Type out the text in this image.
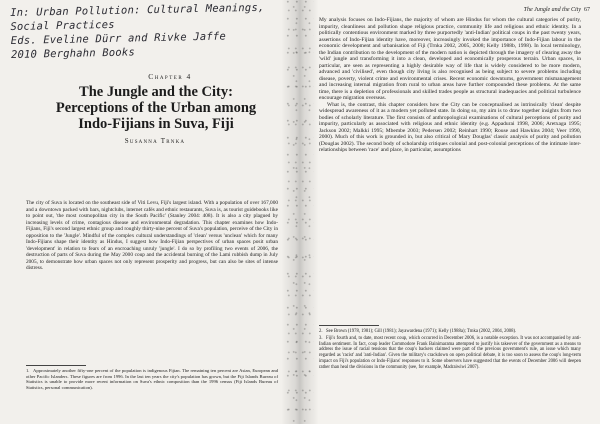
In: Urban Pollution: Cultural Meanings,
Social Practices
Eds. Eveline Dürr and Rivke Jaffe
2010 Berghahn Books
Chapter 4
The Jungle and the City:
Perceptions of the Urban among
Indo-Fijians in Suva, Fiji
Susanna Trnka

The city of Suva is located on the southeast side of Viti Levu, Fiji's largest island. With a population of over 167,000 and a downtown packed with bars, nightclubs, internet cafés and ethnic restaurants, Suva is, as tourist guidebooks like to point out, 'the most cosmopolitan city in the South Pacific' (Stanley 2004: 408). It is also a city plagued by increasing levels of crime, contagious disease and environmental degradation. This chapter examines how Indo-Fijians, Fiji's second largest ethnic group and roughly thirty-nine percent of Suva's population, perceive of the City in opposition to the 'Jungle'. Mindful of the complex cultural understandings of 'clean' versus 'unclean' which for many Indo-Fijians shape their identity as Hindus, I suggest how Indo-Fijian perspectives of urban spaces posit urban 'development' in relation to fears of an encroaching unruly 'jungle'. I do so by profiling two events of 2006, the destruction of parts of Suva during the May 2000 coup and the accidental burning of the Lami rubbish dump in July 2005, to demonstrate how urban spaces not only represent prosperity and progress, but can also be sites of intense distress.

1. Approximately another fifty-one percent of the population is indigenous Fijian. The remaining ten percent are Asian, European and other Pacific Islanders. These figures are from 1996. In the last ten years the city's population has grown, but the Fiji Islands Bureau of Statistics is unable to provide more recent information on Suva's ethnic composition than the 1996 census (Fiji Islands Bureau of Statistics, personal communication).
The Jungle and the City 67

My analysis focuses on Indo-Fijians, the majority of whom are Hindus for whom the cultural categories of purity, impurity, cleanliness and pollution shape religious practice, community life and religious and ethnic identity. In a politically contentious environment marked by three purportedly 'anti-Indian' political coups in the past twenty years, assertions of Indo-Fijian identity have, moreover, increasingly invoked the importance of Indo-Fijian labour in the economic development and urbanisation of Fiji (Trnka 2002, 2005, 2008; Kelly 1988b, 1998). In local terminology, the Indian contribution to the development of the modern nation is depicted through the imagery of clearing away the 'wild' jungle and transforming it into a clean, developed and economically prosperous terrain. Urban spaces, in particular, are seen as representing a highly desirable way of life that is widely considered to be more modern, advanced and 'civilised', even though city living is also recognised as being subject to severe problems including disease, poverty, violent crime and environmental crises. Recent economic downturns, government mismanagement and increasing internal migration from rural to urban areas have further compounded these problems. At the same time, there is a depletion of professionals and skilled trades people as structural inadequacies and political turbulence encourage migration overseas.

What is, the contrast, this chapter considers how the City can be conceptualised as intrinsically 'clean' despite widespread awareness of it as a modern yet polluted state. In doing so, my aim is to draw together insights from two bodies of scholarly literature. The first consists of anthropological examinations of cultural perceptions of purity and impurity, particularly as associated with religious and ethnic identity (e.g. Appadurai 1998, 2006; Aretxaga 1995; Jackson 2002; Malkki 1995; Mbembe 2003; Pedersen 2002; Reinhart 1990; Rouse and Hawkins 2004; Veer 1990, 2000). Much of this work is grounded in, but also critical of Mary Douglas' classic analysis of purity and pollution (Douglas 2002). The second body of scholarship critiques colonial and post-colonial perceptions of the intimate inter-relationships between 'race' and place, in particular, assumptions

2. See Brown (1978, 1981); Gill (1981); Jayawardena (1971); Kelly (1988a); Trnka (2002, 2004, 2008).
3. Fiji's fourth and, to date, most recent coup, which occurred in December 2006, is a notable exception. It was not accompanied by anti-Indian sentiment. In fact, coup leader Commodore Frank Bainimarama attempted to justify his takeover of the government as a means to address the issue of racial tensions that the coup's backers claimed were part of the previous government's rule, an issue which many regarded as 'racist' and 'anti-Indian'. Given the military's crackdown on open political debate, it is too soon to assess the coup's long-term impact on Fiji's population or Indo-Fijians' responses to it. Some observers have suggested that the events of December 2006 will deepen rather than heal the divisions in the community (see, for example, Madraiwiwi 2007).
